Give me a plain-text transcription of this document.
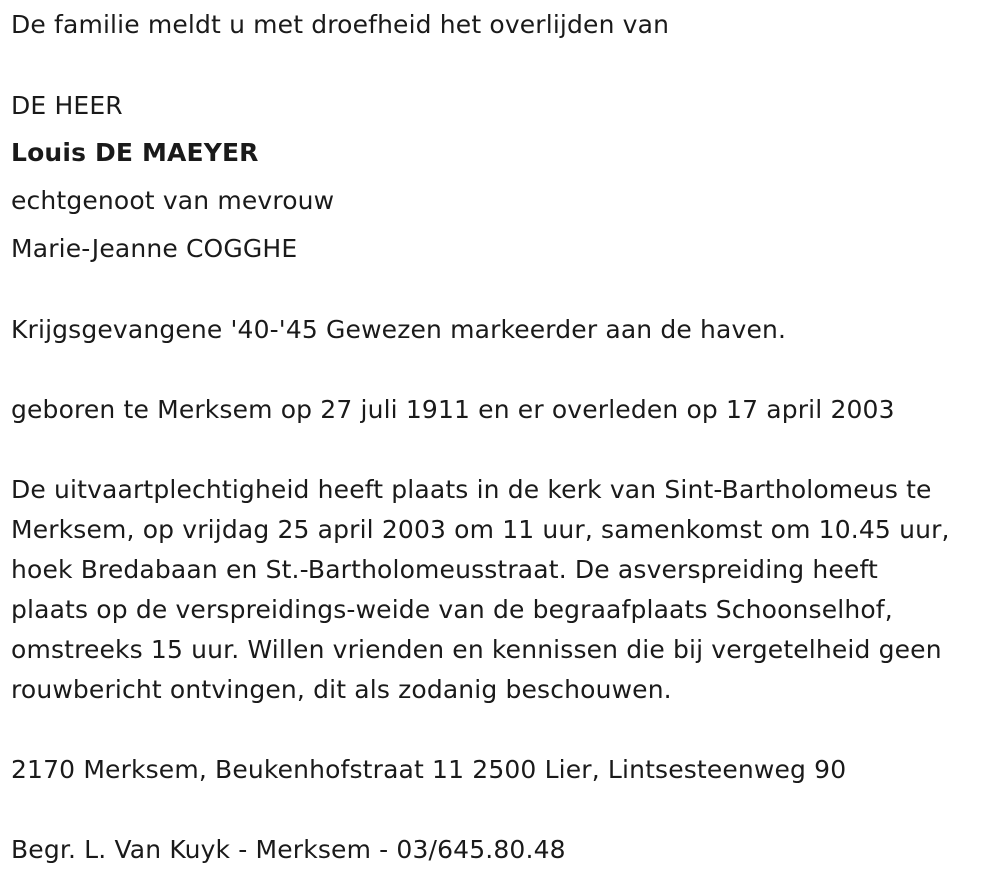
De familie meldt u met droefheid het overlijden van
DE HEER
Louis DE MAEYER
echtgenoot van mevrouw
Marie-Jeanne COGGHE
Krijgsgevangene '40-'45 Gewezen markeerder aan de haven.
geboren te Merksem op 27 juli 1911 en er overleden op 17 april 2003
De uitvaartplechtigheid heeft plaats in de kerk van Sint-Bartholomeus te
Merksem, op vrijdag 25 april 2003 om 11 uur, samenkomst om 10.45 uur,
hoek Bredabaan en St.-Bartholomeusstraat. De asverspreiding heeft
plaats op de verspreidings-weide van de begraafplaats Schoonselhof,
omstreeks 15 uur. Willen vrienden en kennissen die bij vergetelheid geen
rouwbericht ontvingen, dit als zodanig beschouwen.
2170 Merksem, Beukenhofstraat 11 2500 Lier, Lintsesteenweg 90
Begr. L. Van Kuyk - Merksem - 03/645.80.48
